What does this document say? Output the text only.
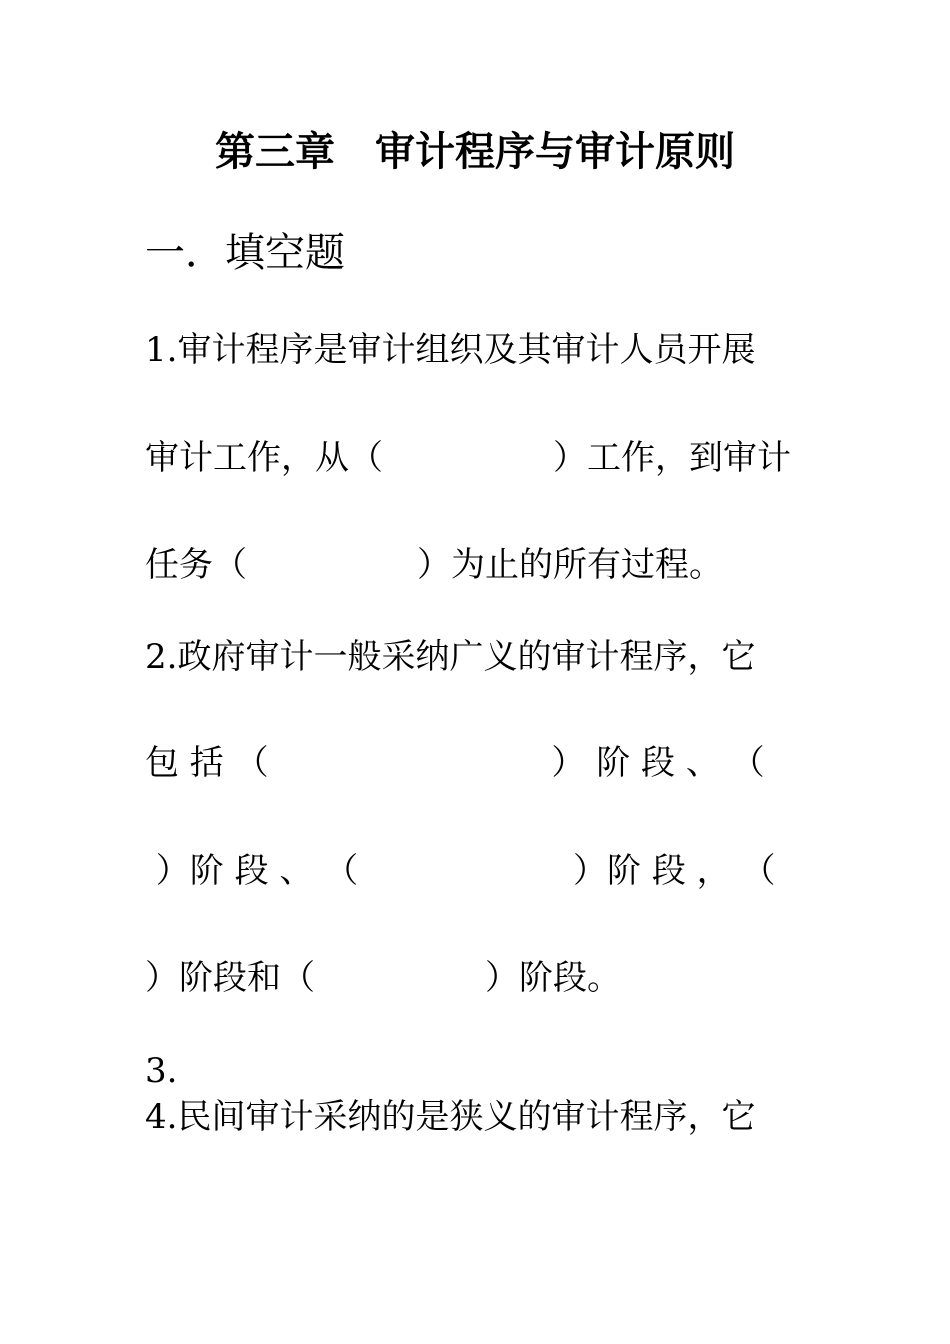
第三章　审计程序与审计原则
一．填空题
1.审计程序是审计组织及其审计人员开展
审计工作，从（　　　　　）工作，到审计
任务（　　　　　）为止的所有过程。
2.政府审计一般采纳广义的审计程序，它
包 括 （　　　　　　　　 ） 阶 段 、 （
）阶 段 、 （　　　　　　 ）阶 段 ， （
）阶段和（　　　　　）阶段。
3.
4.民间审计采纳的是狭义的审计程序，它
